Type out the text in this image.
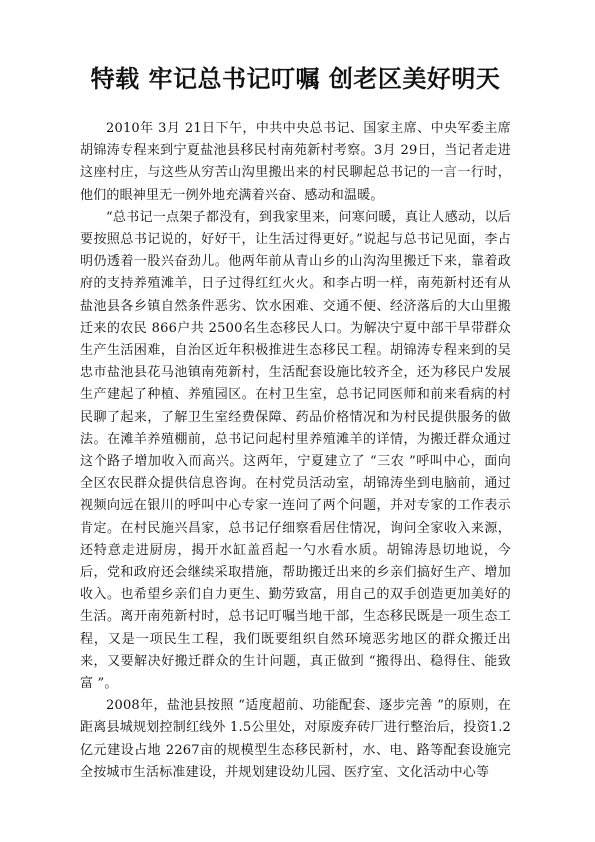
特载 牢记总书记叮嘱 创老区美好明天

2010年 3月 21日下午，中共中央总书记、国家主席、中央军委主席胡锦涛专程来到宁夏盐池县移民村南苑新村考察。3月 29日，当记者走进这座村庄，与这些从穷苦山沟里搬出来的村民聊起总书记的一言一行时，他们的眼神里无一例外地充满着兴奋、感动和温暖。

“总书记一点架子都没有，到我家里来，问寒问暖，真让人感动，以后要按照总书记说的，好好干，让生活过得更好。”说起与总书记见面，李占明仍透着一股兴奋劲儿。他两年前从青山乡的山沟沟里搬迁下来，靠着政府的支持养殖滩羊，日子过得红红火火。和李占明一样，南苑新村还有从盐池县各乡镇自然条件恶劣、饮水困难、交通不便、经济落后的大山里搬迁来的农民 866户共 2500名生态移民人口。为解决宁夏中部干旱带群众生产生活困难，自治区近年积极推进生态移民工程。胡锦涛专程来到的吴忠市盐池县花马池镇南苑新村，生活配套设施比较齐全，还为移民户发展生产建起了种植、养殖园区。在村卫生室，总书记同医师和前来看病的村民聊了起来，了解卫生室经费保障、药品价格情况和为村民提供服务的做法。在滩羊养殖棚前，总书记问起村里养殖滩羊的详情，为搬迁群众通过这个路子增加收入而高兴。这两年，宁夏建立了 “三农 ”呼叫中心，面向全区农民群众提供信息咨询。在村党员活动室，胡锦涛坐到电脑前，通过视频向远在银川的呼叫中心专家一连问了两个问题，并对专家的工作表示肯定。在村民施兴昌家，总书记仔细察看居住情况，询问全家收入来源，还特意走进厨房，揭开水缸盖舀起一勺水看水质。胡锦涛恳切地说，今后，党和政府还会继续采取措施，帮助搬迁出来的乡亲们搞好生产、增加收入。也希望乡亲们自力更生、勤劳致富，用自己的双手创造更加美好的生活。离开南苑新村时，总书记叮嘱当地干部，生态移民既是一项生态工程，又是一项民生工程，我们既要组织自然环境恶劣地区的群众搬迁出来，又要解决好搬迁群众的生计问题，真正做到 “搬得出、稳得住、能致富 ”。

2008年，盐池县按照 “适度超前、功能配套、逐步完善 ”的原则，在距离县城规划控制红线外 1.5公里处，对原废弃砖厂进行整治后，投资1.2亿元建设占地 2267亩的规模型生态移民新村，水、电、路等配套设施完全按城市生活标准建设，并规划建设幼儿园、医疗室、文化活动中心等
